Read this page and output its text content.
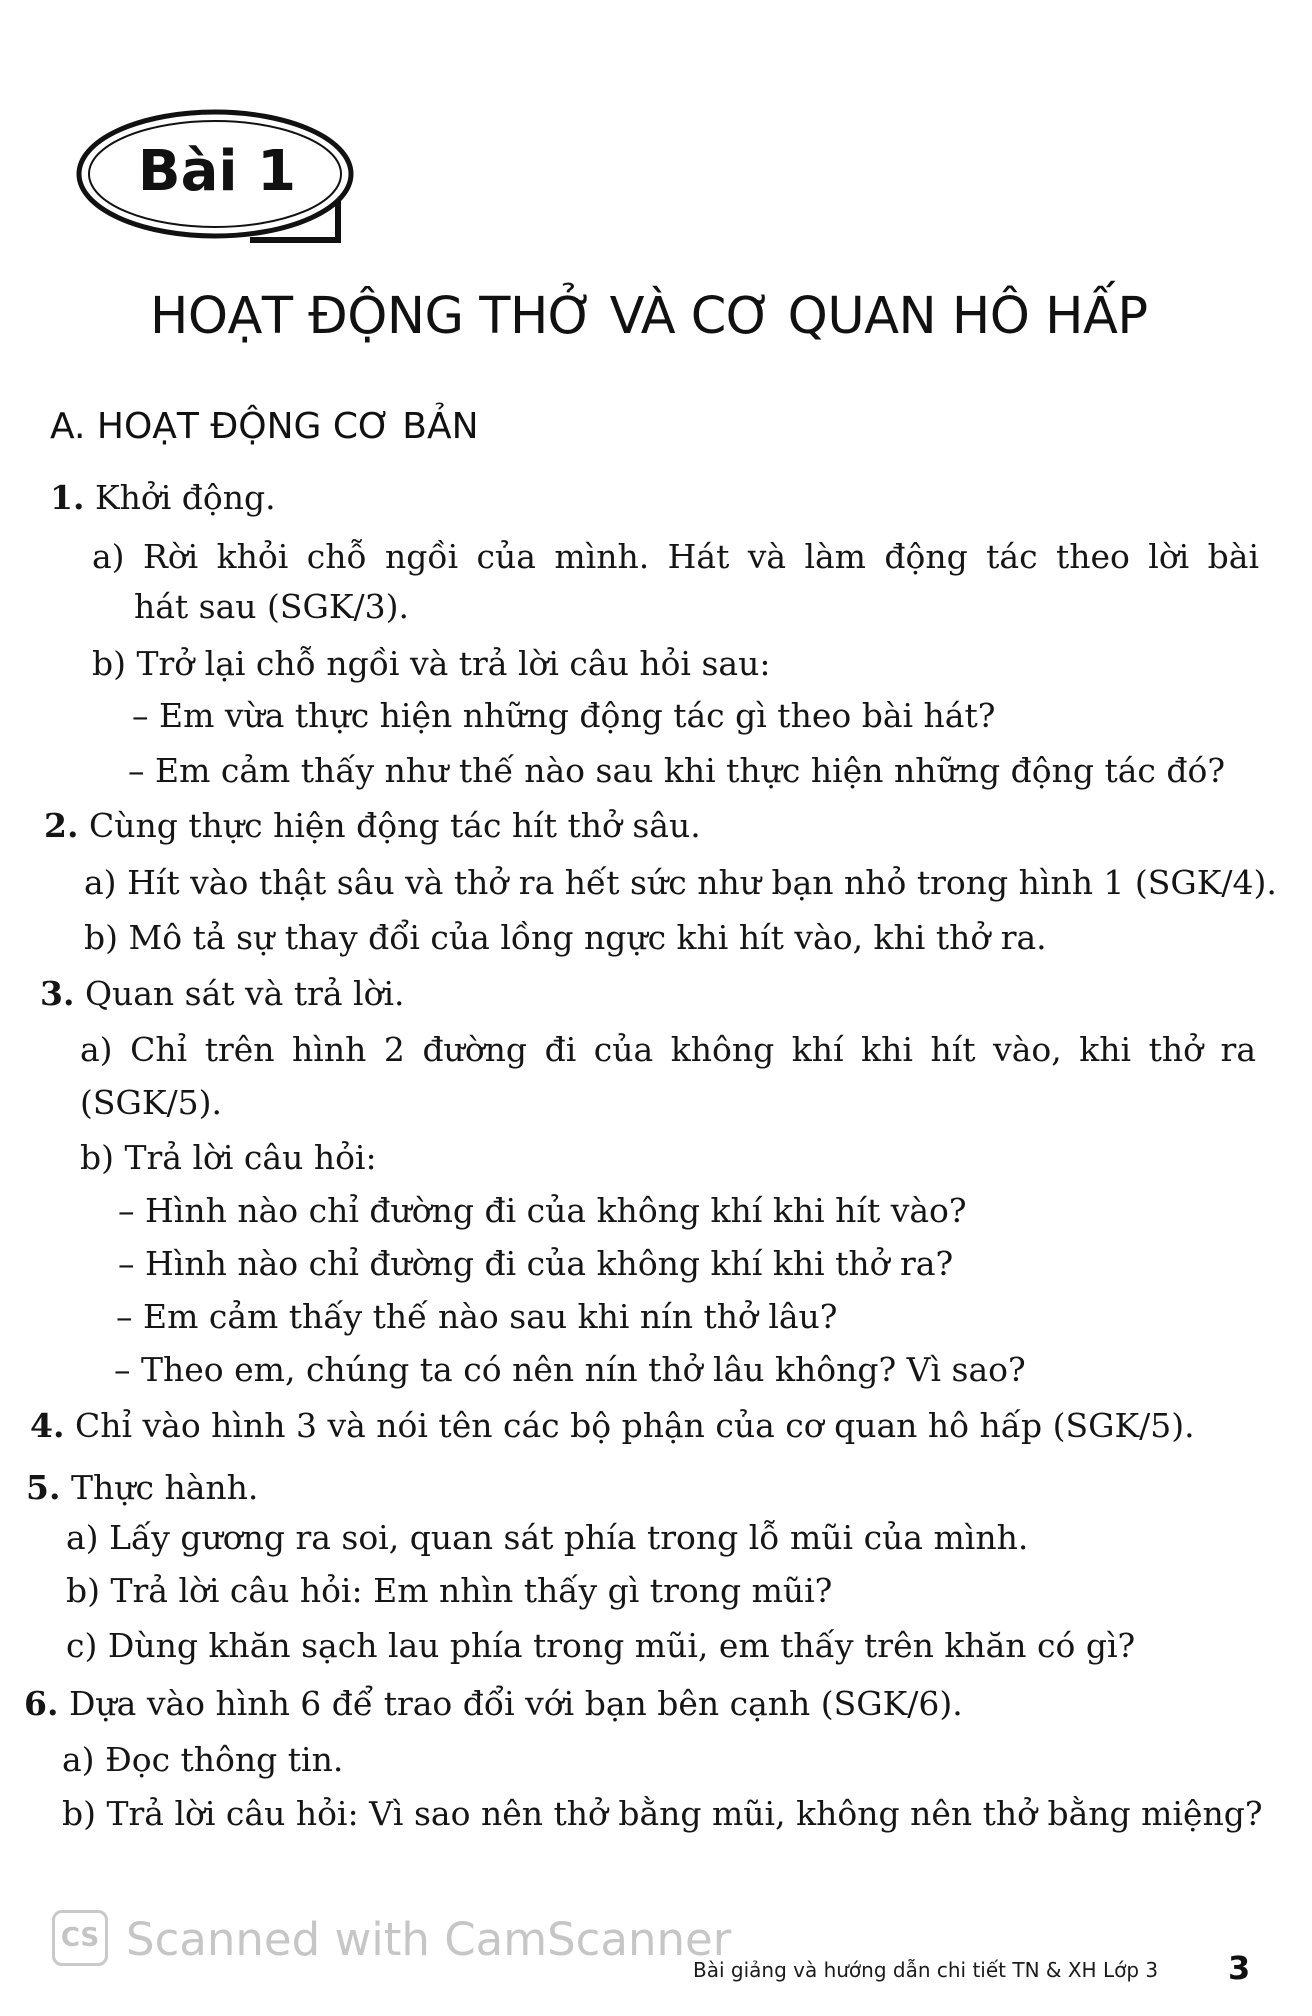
Bài 1
HOẠT ĐỘNG THỞ VÀ CƠ QUAN HÔ HẤP
A. HOẠT ĐỘNG CƠ BẢN
1. Khởi động.
a) Rời khỏi chỗ ngồi của mình. Hát và làm động tác theo lời bài
hát sau (SGK/3).
b) Trở lại chỗ ngồi và trả lời câu hỏi sau:
– Em vừa thực hiện những động tác gì theo bài hát?
– Em cảm thấy như thế nào sau khi thực hiện những động tác đó?
2. Cùng thực hiện động tác hít thở sâu.
a) Hít vào thật sâu và thở ra hết sức như bạn nhỏ trong hình 1 (SGK/4).
b) Mô tả sự thay đổi của lồng ngực khi hít vào, khi thở ra.
3. Quan sát và trả lời.
a) Chỉ trên hình 2 đường đi của không khí khi hít vào, khi thở ra
(SGK/5).
b) Trả lời câu hỏi:
– Hình nào chỉ đường đi của không khí khi hít vào?
– Hình nào chỉ đường đi của không khí khi thở ra?
– Em cảm thấy thế nào sau khi nín thở lâu?
– Theo em, chúng ta có nên nín thở lâu không? Vì sao?
4. Chỉ vào hình 3 và nói tên các bộ phận của cơ quan hô hấp (SGK/5).
5. Thực hành.
a) Lấy gương ra soi, quan sát phía trong lỗ mũi của mình.
b) Trả lời câu hỏi: Em nhìn thấy gì trong mũi?
c) Dùng khăn sạch lau phía trong mũi, em thấy trên khăn có gì?
6. Dựa vào hình 6 để trao đổi với bạn bên cạnh (SGK/6).
a) Đọc thông tin.
b) Trả lời câu hỏi: Vì sao nên thở bằng mũi, không nên thở bằng miệng?
CS Scanned with CamScanner
Bài giảng và hướng dẫn chi tiết TN & XH Lớp 3 3
